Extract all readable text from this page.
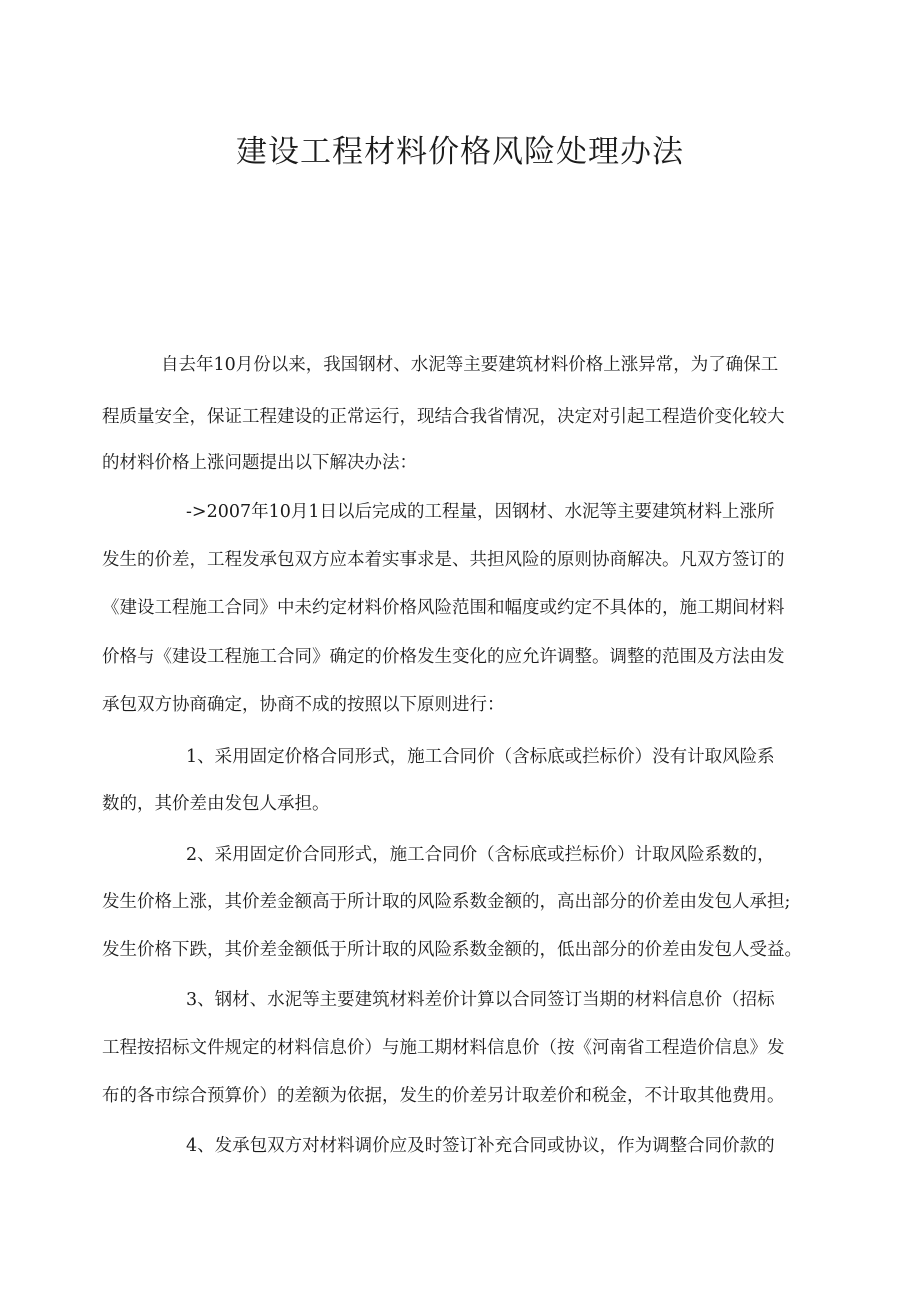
建设工程材料价格风险处理办法

自去年10月份以来，我国钢材、水泥等主要建筑材料价格上涨异常，为了确保工

程质量安全，保证工程建设的正常运行，现结合我省情况，决定对引起工程造价变化较大

的材料价格上涨问题提出以下解决办法：

->2007年10月1日以后完成的工程量，因钢材、水泥等主要建筑材料上涨所

发生的价差，工程发承包双方应本着实事求是、共担风险的原则协商解决。凡双方签订的

《建设工程施工合同》中未约定材料价格风险范围和幅度或约定不具体的，施工期间材料

价格与《建设工程施工合同》确定的价格发生变化的应允许调整。调整的范围及方法由发

承包双方协商确定，协商不成的按照以下原则进行：

1、采用固定价格合同形式，施工合同价（含标底或拦标价）没有计取风险系

数的，其价差由发包人承担。

2、采用固定价合同形式，施工合同价（含标底或拦标价）计取风险系数的，

发生价格上涨，其价差金额高于所计取的风险系数金额的，高出部分的价差由发包人承担;

发生价格下跌，其价差金额低于所计取的风险系数金额的，低出部分的价差由发包人受益。

3、钢材、水泥等主要建筑材料差价计算以合同签订当期的材料信息价（招标

工程按招标文件规定的材料信息价）与施工期材料信息价（按《河南省工程造价信息》发

布的各市综合预算价）的差额为依据，发生的价差另计取差价和税金，不计取其他费用。

4、发承包双方对材料调价应及时签订补充合同或协议，作为调整合同价款的
